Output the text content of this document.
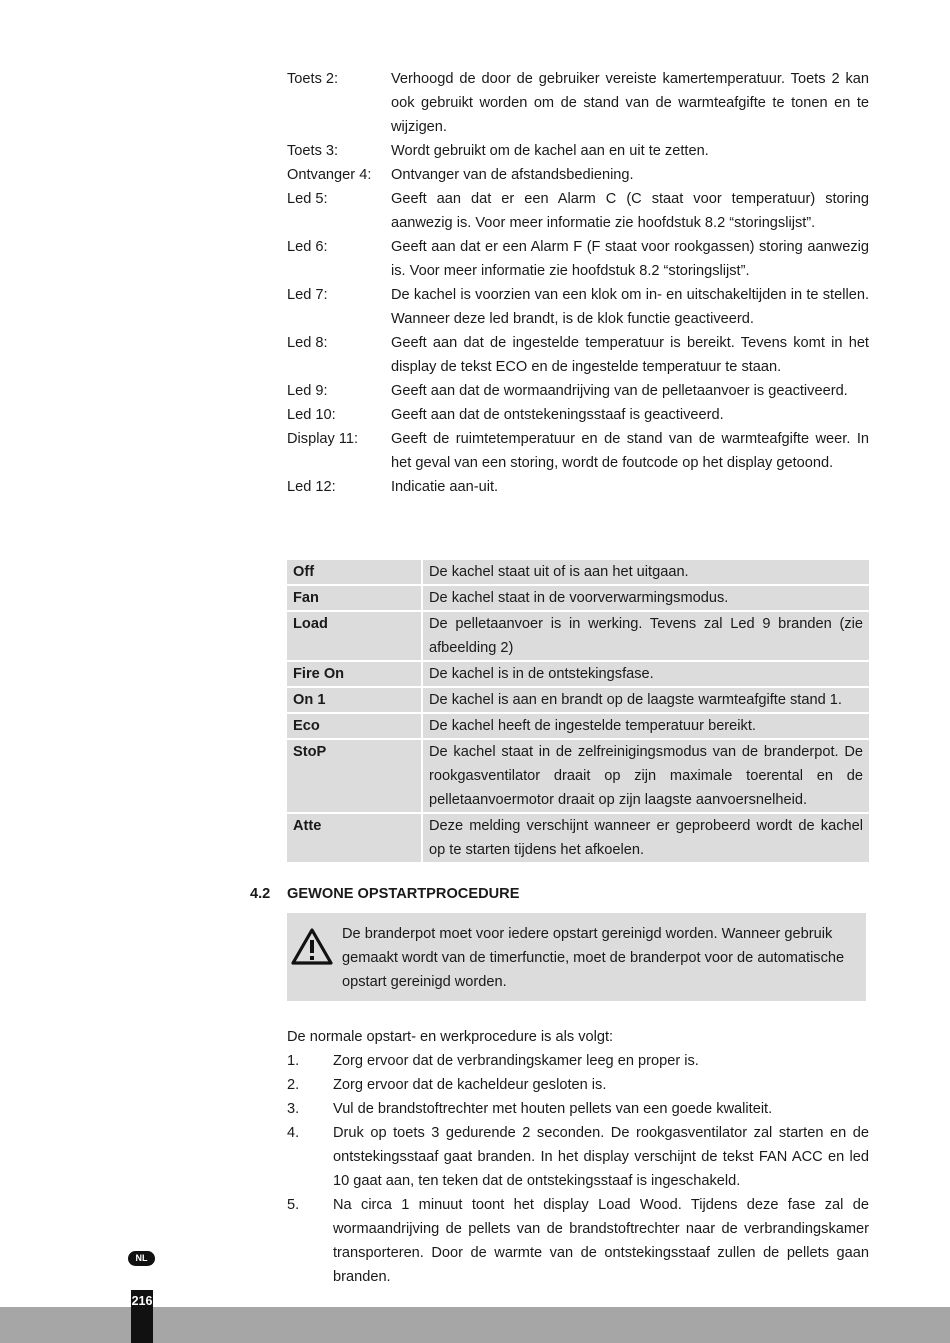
Toets 2:	Verhoogd de door de gebruiker vereiste kamertemperatuur. Toets 2 kan ook gebruikt worden om de stand van de warmteafgifte te tonen en te wijzigen.
Toets 3:	Wordt gebruikt om de kachel aan en uit te zetten.
Ontvanger 4:	Ontvanger van de afstandsbediening.
Led 5:	Geeft aan dat er een Alarm C (C staat voor temperatuur) storing aanwezig is. Voor meer informatie zie hoofdstuk 8.2 “storingslijst”.
Led 6:	Geeft aan dat er een Alarm F (F staat voor rookgassen) storing aanwezig is. Voor meer informatie zie hoofdstuk 8.2 “storingslijst”.
Led 7:	De kachel is voorzien van een klok om in- en uitschakeltijden in te stellen. Wanneer deze led brandt, is de klok functie geactiveerd.
Led 8:	Geeft aan dat de ingestelde temperatuur is bereikt. Tevens komt in het display de tekst ECO en de ingestelde temperatuur te staan.
Led 9:	Geeft aan dat de wormaandrijving van de pelletaanvoer is geactiveerd.
Led 10:	Geeft aan dat de ontstekeningsstaaf is geactiveerd.
Display 11:	Geeft de ruimtetemperatuur en de stand van de warmteafgifte weer. In het geval van een storing, wordt de foutcode op het display getoond.
Led 12:	Indicatie aan-uit.
Off	De kachel staat uit of is aan het uitgaan.
Fan	De kachel staat in de voorverwarmingsmodus.
Load	De pelletaanvoer is in werking. Tevens zal Led 9 branden (zie afbeelding 2)
Fire On	De kachel is in de ontstekingsfase.
On 1	De kachel is aan en brandt op de laagste warmteafgifte stand 1.
Eco	De kachel heeft de ingestelde temperatuur bereikt.
StoP	De kachel staat in de zelfreinigingsmodus van de branderpot. De rookgasventilator draait op zijn maximale toerental en de pelletaanvoermotor draait op zijn laagste aanvoersnelheid.
Atte	Deze melding verschijnt wanneer er geprobeerd wordt de kachel op te starten tijdens het afkoelen.
4.2 GEWONE OPSTARTPROCEDURE
De branderpot moet voor iedere opstart gereinigd worden. Wanneer gebruik gemaakt wordt van de timerfunctie, moet de branderpot voor de automatische opstart gereinigd worden.
De normale opstart- en werkprocedure is als volgt:
1.	Zorg ervoor dat de verbrandingskamer leeg en proper is.
2.	Zorg ervoor dat de kacheldeur gesloten is.
3.	Vul de brandstoftrechter met houten pellets van een goede kwaliteit.
4.	Druk op toets 3 gedurende 2 seconden. De rookgasventilator zal starten en de ontstekingsstaaf gaat branden. In het display verschijnt de tekst FAN ACC en led 10 gaat aan, ten teken dat de ontstekingsstaaf is ingeschakeld.
5.	Na circa 1 minuut toont het display Load Wood. Tijdens deze fase zal de wormaandrijving de pellets van de brandstoftrechter naar de verbrandingskamer transporteren. Door de warmte van de ontstekingsstaaf zullen de pellets gaan branden.
NL
216
